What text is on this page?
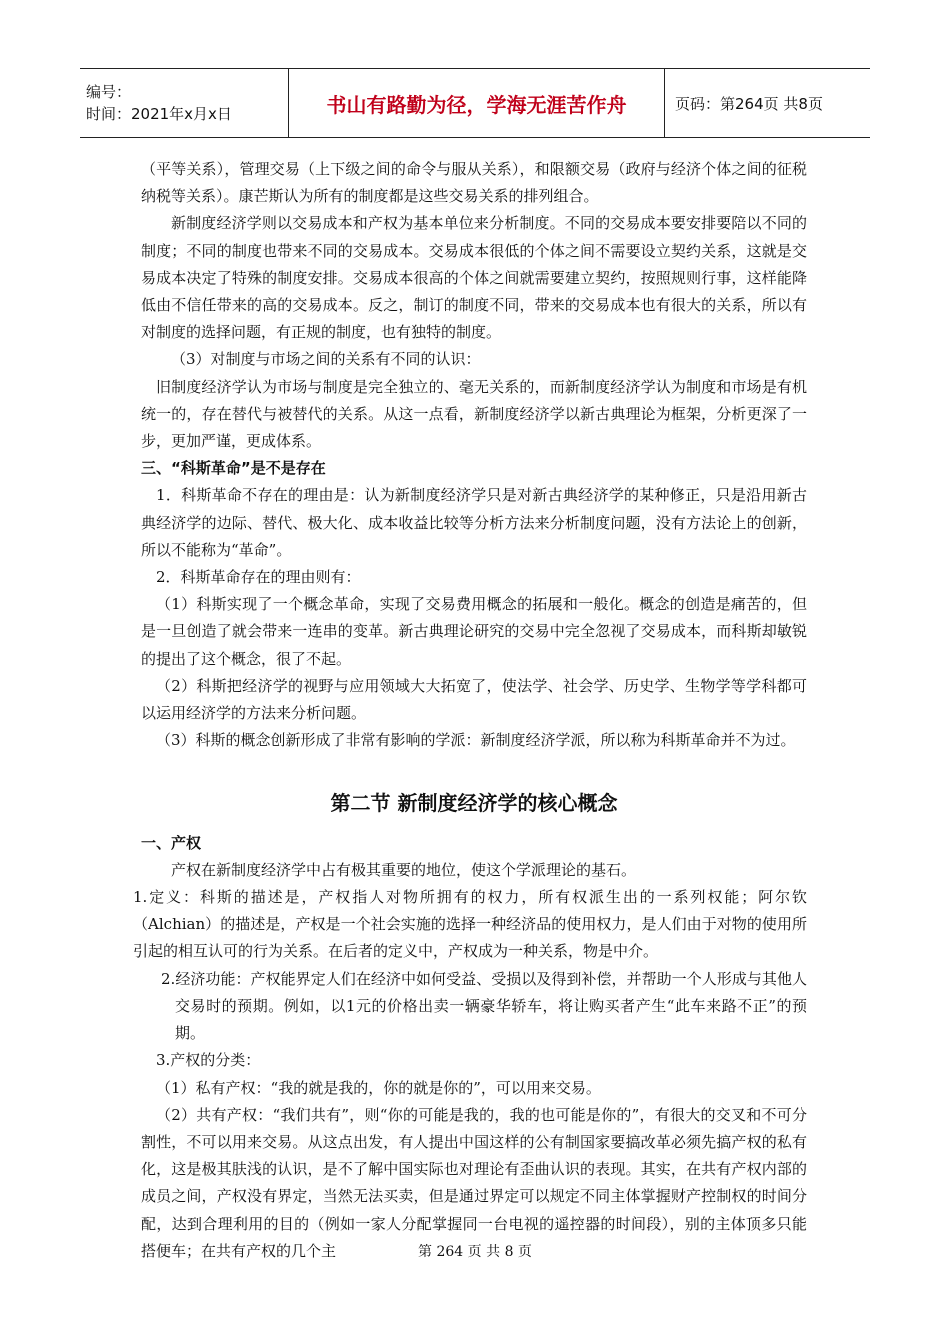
编号：
时间：2021年x月x日	书山有路勤为径，学海无涯苦作舟	页码：第264页 共8页

（平等关系），管理交易（上下级之间的命令与服从关系），和限额交易（政府与经济个体之间的征税纳税等关系）。康芒斯认为所有的制度都是这些交易关系的排列组合。

新制度经济学则以交易成本和产权为基本单位来分析制度。不同的交易成本要安排要陪以不同的制度；不同的制度也带来不同的交易成本。交易成本很低的个体之间不需要设立契约关系，这就是交易成本决定了特殊的制度安排。交易成本很高的个体之间就需要建立契约，按照规则行事，这样能降低由不信任带来的高的交易成本。反之，制订的制度不同，带来的交易成本也有很大的关系，所以有对制度的选择问题，有正规的制度，也有独特的制度。

（3）对制度与市场之间的关系有不同的认识：

旧制度经济学认为市场与制度是完全独立的、毫无关系的，而新制度经济学认为制度和市场是有机统一的，存在替代与被替代的关系。从这一点看，新制度经济学以新古典理论为框架，分析更深了一步，更加严谨，更成体系。

三、“科斯革命”是不是存在

1．科斯革命不存在的理由是：认为新制度经济学只是对新古典经济学的某种修正，只是沿用新古典经济学的边际、替代、极大化、成本收益比较等分析方法来分析制度问题，没有方法论上的创新，所以不能称为“革命”。

2．科斯革命存在的理由则有：

（1）科斯实现了一个概念革命，实现了交易费用概念的拓展和一般化。概念的创造是痛苦的，但是一旦创造了就会带来一连串的变革。新古典理论研究的交易中完全忽视了交易成本，而科斯却敏锐的提出了这个概念，很了不起。

（2）科斯把经济学的视野与应用领域大大拓宽了，使法学、社会学、历史学、生物学等学科都可以运用经济学的方法来分析问题。

（3）科斯的概念创新形成了非常有影响的学派：新制度经济学派，所以称为科斯革命并不为过。

第二节 新制度经济学的核心概念

一、产权

产权在新制度经济学中占有极其重要的地位，使这个学派理论的基石。

1.定义：科斯的描述是，产权指人对物所拥有的权力，所有权派生出的一系列权能；阿尔钦（Alchian）的描述是，产权是一个社会实施的选择一种经济品的使用权力，是人们由于对物的使用所引起的相互认可的行为关系。在后者的定义中，产权成为一种关系，物是中介。

2.经济功能：产权能界定人们在经济中如何受益、受损以及得到补偿，并帮助一个人形成与其他人交易时的预期。例如，以1元的价格出卖一辆豪华轿车，将让购买者产生“此车来路不正”的预期。

3.产权的分类：

（1）私有产权：“我的就是我的，你的就是你的”，可以用来交易。

（2）共有产权：“我们共有”，则“你的可能是我的，我的也可能是你的”，有很大的交叉和不可分割性，不可以用来交易。从这点出发，有人提出中国这样的公有制国家要搞改革必须先搞产权的私有化，这是极其肤浅的认识，是不了解中国实际也对理论有歪曲认识的表现。其实，在共有产权内部的成员之间，产权没有界定，当然无法买卖，但是通过界定可以规定不同主体掌握财产控制权的时间分配，达到合理利用的目的（例如一家人分配掌握同一台电视的遥控器的时间段），别的主体顶多只能搭便车；在共有产权的几个主	第 264 页 共 8 页
